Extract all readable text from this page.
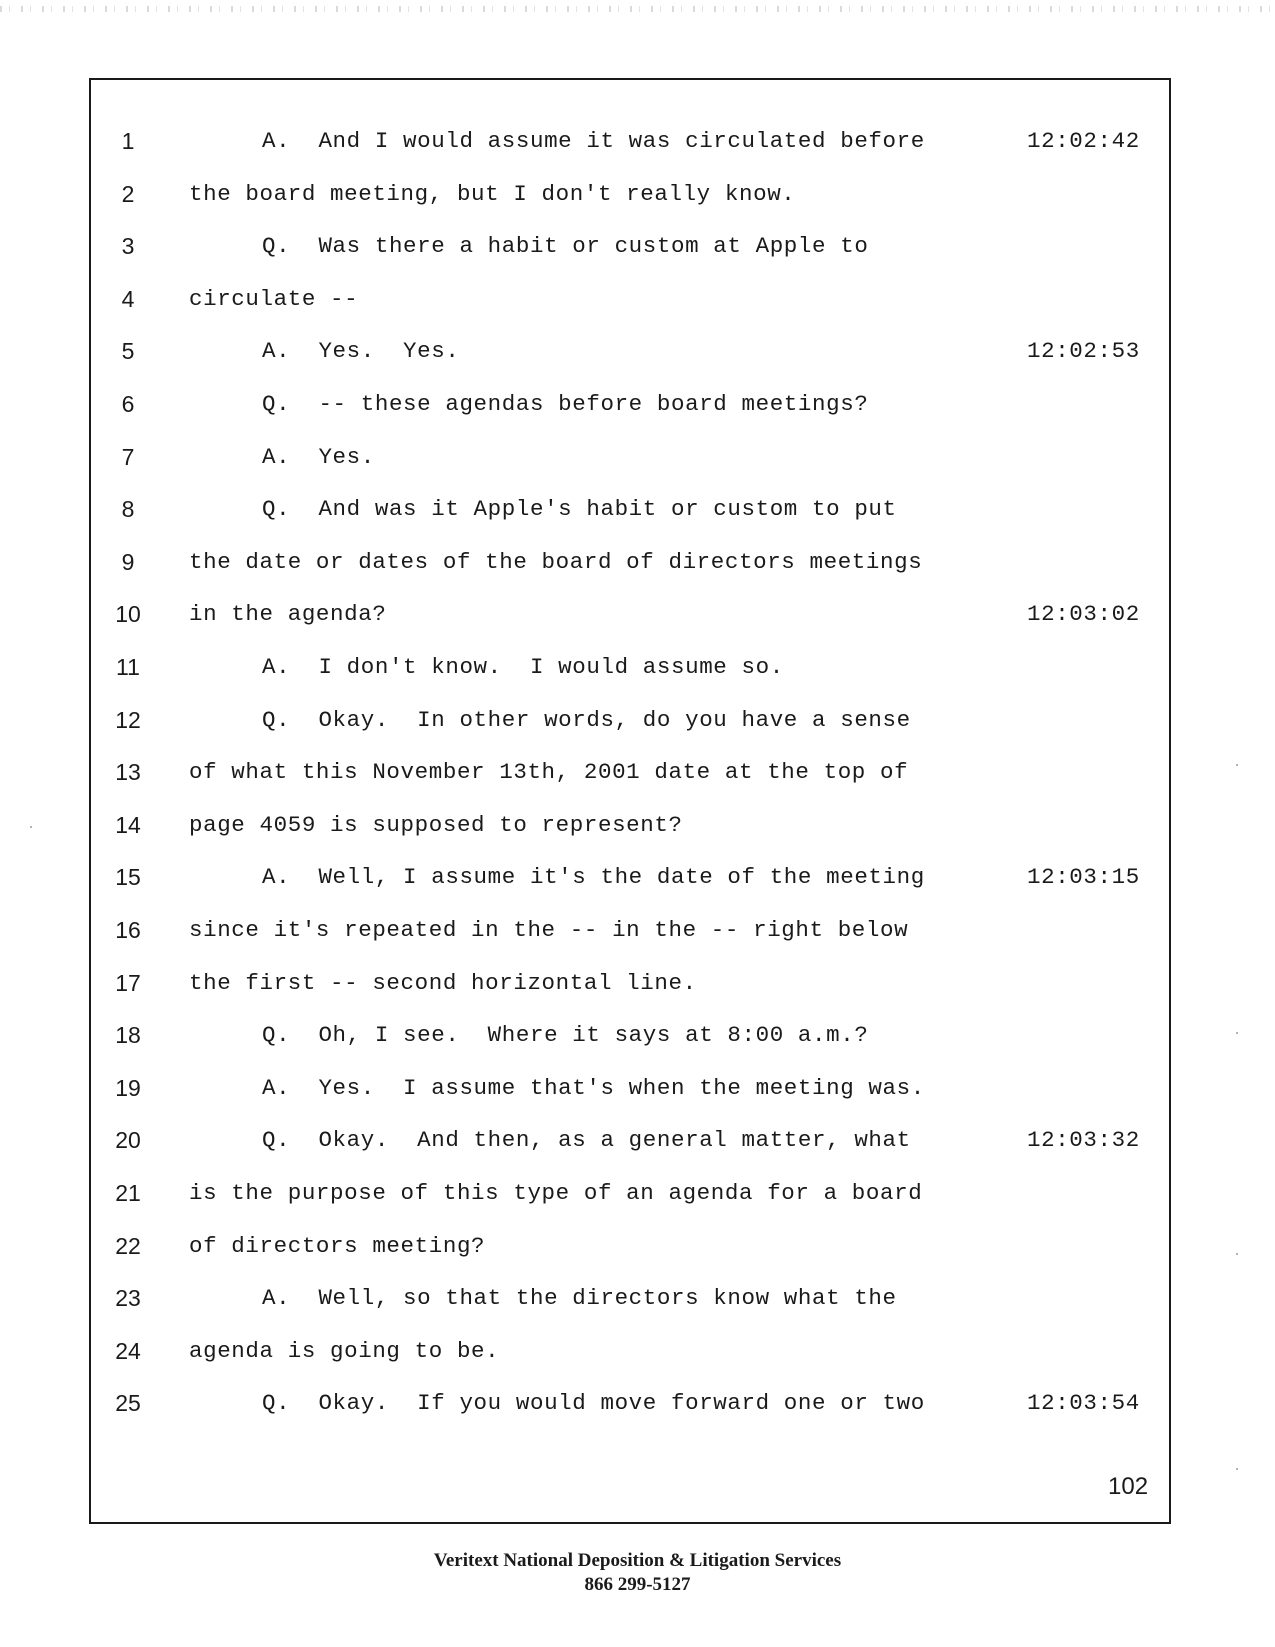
1	A. And I would assume it was circulated before	12:02:42
2	the board meeting, but I don't really know.
3	Q. Was there a habit or custom at Apple to
4	circulate --
5	A. Yes.  Yes.	12:02:53
6	Q. -- these agendas before board meetings?
7	A. Yes.
8	Q. And was it Apple's habit or custom to put
9	the date or dates of the board of directors meetings
10	in the agenda?	12:03:02
11	A. I don't know.  I would assume so.
12	Q. Okay.  In other words, do you have a sense
13	of what this November 13th, 2001 date at the top of
14	page 4059 is supposed to represent?
15	A. Well, I assume it's the date of the meeting	12:03:15
16	since it's repeated in the -- in the -- right below
17	the first -- second horizontal line.
18	Q. Oh, I see.  Where it says at 8:00 a.m.?
19	A. Yes.  I assume that's when the meeting was.
20	Q. Okay.  And then, as a general matter, what	12:03:32
21	is the purpose of this type of an agenda for a board
22	of directors meeting?
23	A. Well, so that the directors know what the
24	agenda is going to be.
25	Q. Okay.  If you would move forward one or two	12:03:54
102
Veritext National Deposition & Litigation Services
866 299-5127
